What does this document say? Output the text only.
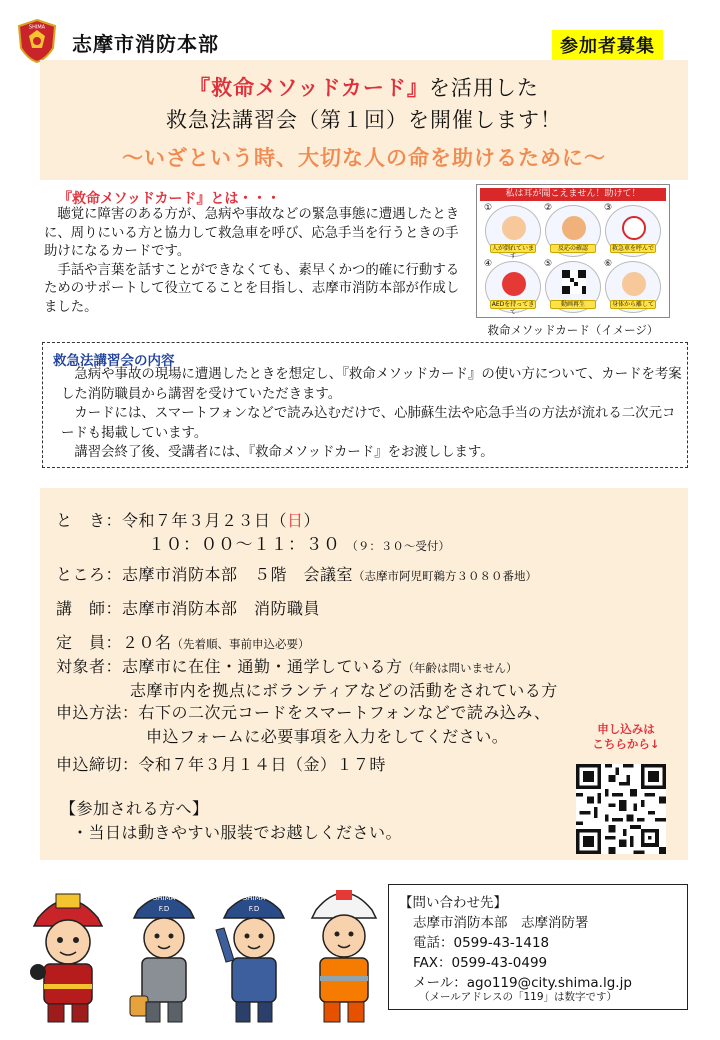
SHIMA
志摩市消防本部	参加者募集
『救命メソッドカード』を活用した
救急法講習会（第１回）を開催します！
～いざという時、大切な人の命を助けるために～
『救命メソッドカード』とは・・・

聴覚に障害のある方が、急病や事故などの緊急事態に遭遇したときに、周りにいる方と協力して救急車を呼び、応急手当を行うときの手助けになるカードです。

手話や言葉を話すことができなくても、素早くかつ的確に行動するためのサポートして役立てることを目指し、志摩市消防本部が作成しました。

私は耳が聞こえません！助けて！
①
人が倒れています
②
反応の確認
③
救急車を呼んで
④
AEDを持ってきて
⑤
動画再生
⑥
身体から離して
救命メソッドカード（イメージ）
救急法講習会の内容

急病や事故の現場に遭遇したときを想定し、『救命メソッドカード』の使い方について、カードを考案した消防職員から講習を受けていただきます。

カードには、スマートフォンなどで読み込むだけで、心肺蘇生法や応急手当の方法が流れる二次元コードも掲載しています。

講習会終了後、受講者には、『救命メソッドカード』をお渡しします。

と　き：令和７年３月２３日（日）
１０：００～１１：３０ （９：３０～受付）
ところ：志摩市消防本部　５階　会議室（志摩市阿児町鵜方３０８０番地）
講　師：志摩市消防本部　消防職員
定　員：２０名（先着順、事前申込必要）
対象者：志摩市に在住・通勤・通学している方（年齢は問いません）
志摩市内を拠点にボランティアなどの活動をされている方
申込方法：右下の二次元コードをスマートフォンなどで読み込み、
申込フォームに必要事項を入力をしてください。
申込締切：令和７年３月１４日（金）１７時
【参加される方へ】
・当日は動きやすい服装でお越しください。
申し込みは
こちらから↓
SHIMA
F.D
SHIMA
F.D	【問い合わせ先】
志摩市消防本部　志摩消防署
電話：0599-43-1418
FAX：0599-43-0499
メール：ago119@city.shima.lg.jp
（メールアドレスの「119」は数字です）
